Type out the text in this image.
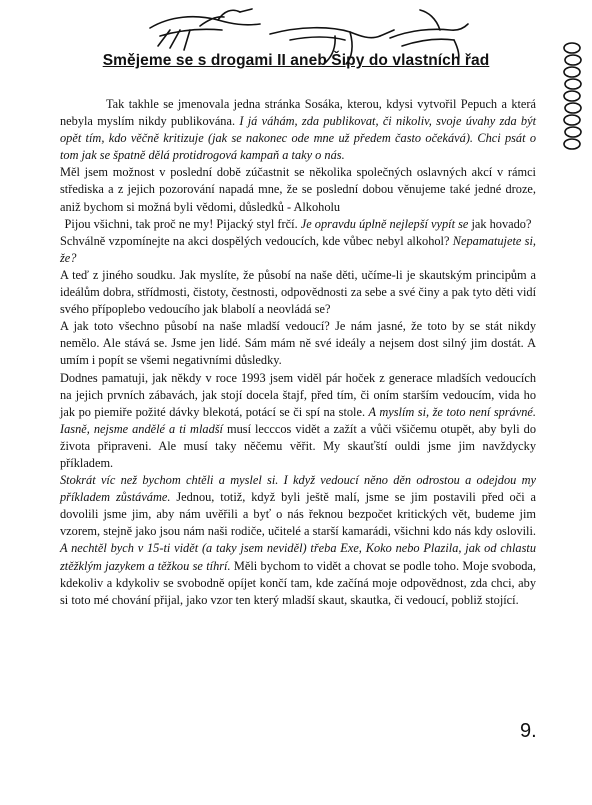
Směјeme se s drogami II aneb Šipy do vlastních řad

Tak takhle se jmenovala jedna stránka Sosáka, kterou, kdysi vytvořil Pepuch a která nebyla myslím nikdy publikována. I já váhám, zda publikovat, či nikoliv, svoje úvahy zda být opět tím, kdo věčně kritizuje (jak se nakonec ode mne už předem často očekává). Chci psát o tom jak se špatně dělá protidrogová kampaň a taky o nás.

Měl jsem možnost v poslední době zúčastnit se několika společných oslavných akcí v rámci střediska a z jejich pozorování napadá mne, že se poslední dobou věnujeme také jedné droze, aniž bychom si možná byli vědomi, důsledků - Alkoholu

Pijou všichni, tak proč ne my! Pijacký styl frčí. Je opravdu úplně nejlepší vypít se jak hovado?

Schválně vzpomínejte na akci dospělých vedoucích, kde vůbec nebyl alkohol? Nepamatujete si, že?

A teď z jiného soudku. Jak myslíte, že působí na naše děti, učíme-li je skautským principům a ideálům dobra, střídmosti, čistoty, čestnosti, odpovědnosti za sebe a své činy a pak tyto děti vidí svého přípoplebo vedoucího jak blabolí a neovládá se?

A jak toto všechno působí na naše mladší vedoucí? Je nám jasné, že toto by se stát nikdy nemělo. Ale stává se. Jsme jen lidé. Sám mám ně své ideály a nejsem dost silný jim dostát. A umím i popít se všemi negativními důsledky.

Dodnes pamatuji, jak někdy v roce 1993 jsem viděl pár hoček z generace mladších vedoucích na jejich prvních zábavách, jak stojí docela štajf, před tím, či oním starším vedoucím, vida ho jak po piemiře požité dávky blekotá, potácí se či spí na stole. A myslím si, že toto není správné. Iasně, nejsme andělé a ti mladší musí lecccos vidět a zažít a vůči všičemu otupět, aby byli do života připraveni. Ale musí taky něčemu věřit. My skauťští ouldi jsme jim navždycky příkladem.

Stokrát víc než bychom chtěli a myslel si. I když vedoucí něno děn odrostou a odejdou my příkladem zůstáváme. Jednou, totiž, když byli ještě malí, jsme se jim postavili před oči a dovolili jsme jim, aby nám uvěřili a byť o nás řeknou bezpočet kritických vět, budeme jim vzorem, stejně jako jsou nám naši rodiče, učitelé a starší kamarádi, všichni kdo nás kdy oslovili. A nechtěl bych v 15-ti vidět (a taky jsem neviděl) třeba Exe, Koko nebo Plazila, jak od chlastu ztěžklým jazykem a těžkou se tíhrí. Měli bychom to vidět a chovat se podle toho. Moje svoboda, kdekoliv a kdykoliv se svobodně opíjet končí tam, kde začíná moje odpovědnost, zda chci, aby si toto mé chování přijal, jako vzor ten který mladší skaut, skautka, či vedoucí, pobliž stojící.

9.
